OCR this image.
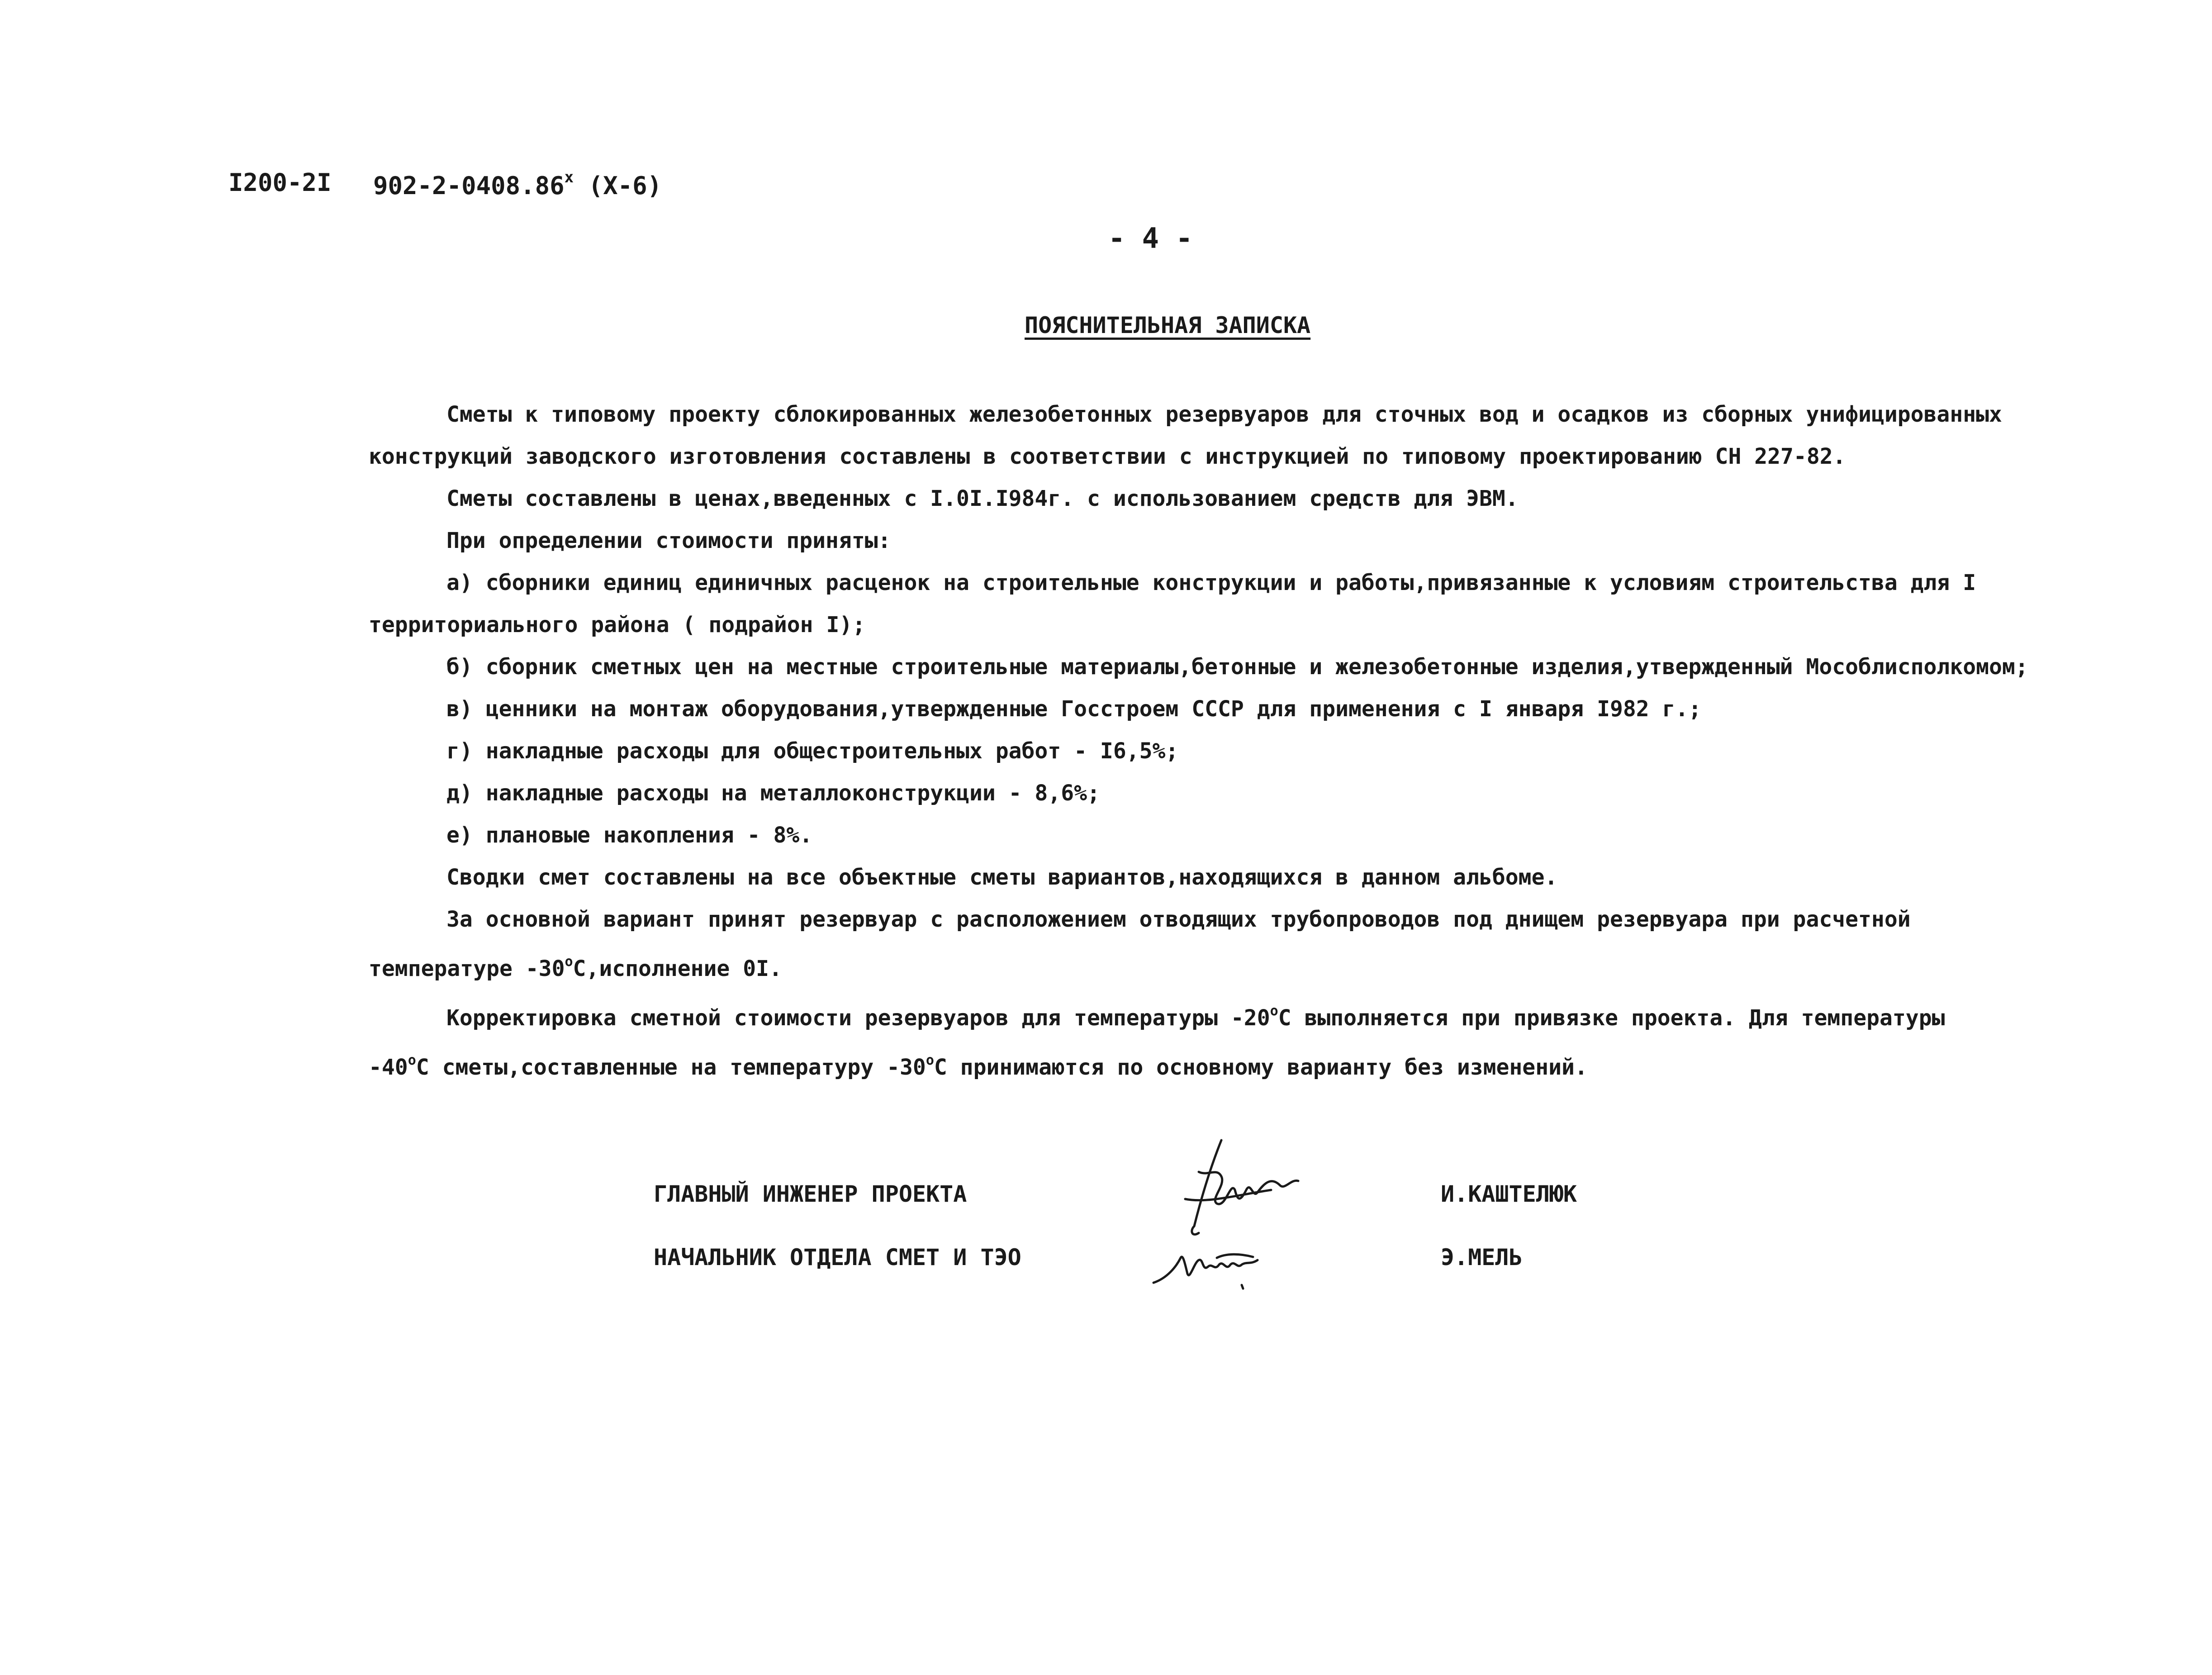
I200-2I $902-2-0408.86^х$ (X-6)
- 4 -
ПОЯСНИТЕЛЬНАЯ ЗАПИСКА

Сметы к типовому проекту сблокированных железобетонных резервуаров для сточных вод и осадков из сборных унифицированных

конструкций заводского изготовления составлены в соответствии с инструкцией по типовому проектированию СН 227-82.

Сметы составлены в ценах,введенных с I.0I.I984г. с использованием средств для ЭВМ.

При определении стоимости приняты:

а) сборники единиц единичных расценок на строительные конструкции и работы,привязанные к условиям строительства для I

территориального района ( подрайон I);

б) сборник сметных цен на местные строительные материалы,бетонные и железобетонные изделия,утвержденный Мособлисполкомом;

в) ценники на монтаж оборудования,утвержденные Госстроем СССР для применения с I января I982 г.;

г) накладные расходы для общестроительных работ - I6,5%;

д) накладные расходы на металлоконструкции - 8,6%;

е) плановые накопления - 8%.

Сводки смет составлены на все объектные сметы вариантов,находящихся в данном альбоме.

За основной вариант принят резервуар с расположением отводящих трубопроводов под днищем резервуара при расчетной

температуре $-30^оС,исполнение$ 0I.

Корректировка сметной стоимости резервуаров для температуры $-20^оС$ выполняется при привязке проекта. Для температуры

$-40^оС$ сметы,составленные на температуру $-30^оС$ принимаются по основному варианту без изменений.

ГЛАВНЫЙ ИНЖЕНЕР ПРОЕКТА	И.КАШТЕЛЮК
НАЧАЛЬНИК ОТДЕЛА СМЕТ И ТЭО	Э.МЕЛЬ
